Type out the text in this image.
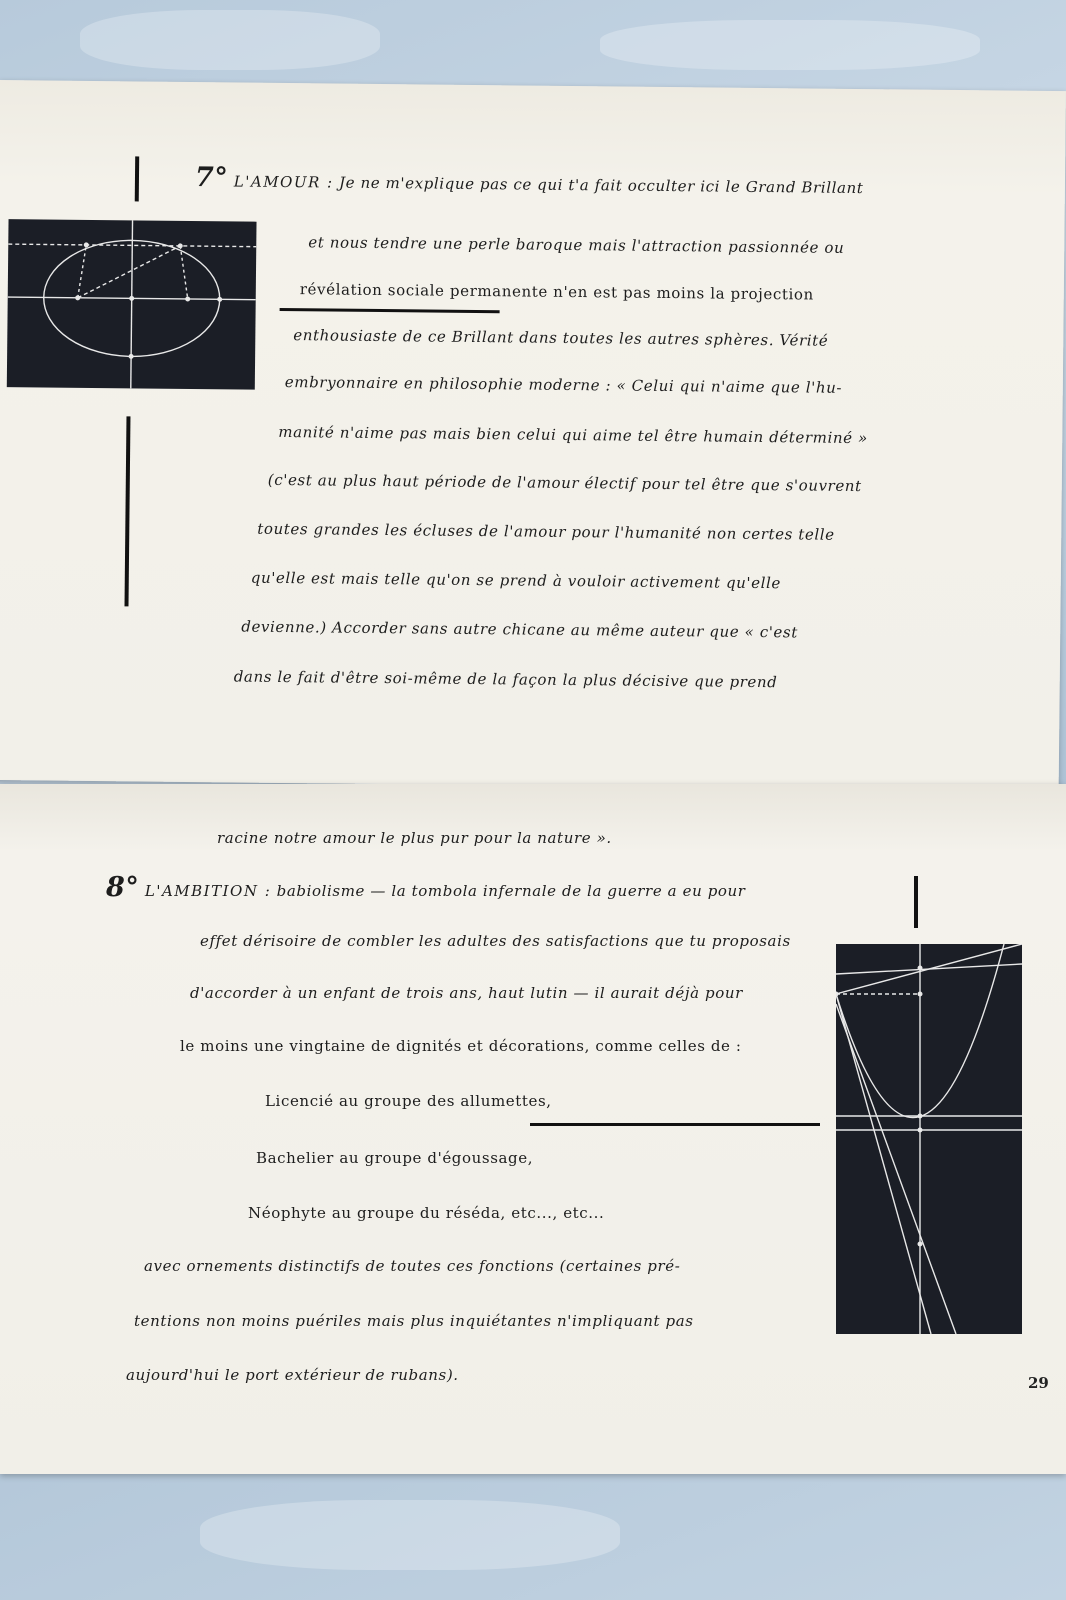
7° L'AMOUR : Je ne m'explique pas ce qui t'a fait occulter ici le Grand Brillant
et nous tendre une perle baroque mais l'attraction passionnée ou
révélation sociale permanente n'en est pas moins la projection
enthousiaste de ce Brillant dans toutes les autres sphères. Vérité
embryonnaire en philosophie moderne : « Celui qui n'aime que l'hu-
manité n'aime pas mais bien celui qui aime tel être humain déterminé »
(c'est au plus haut période de l'amour électif pour tel être que s'ouvrent
toutes grandes les écluses de l'amour pour l'humanité non certes telle
qu'elle est mais telle qu'on se prend à vouloir activement qu'elle
devienne.) Accorder sans autre chicane au même auteur que « c'est
dans le fait d'être soi-même de la façon la plus décisive que prend
racine notre amour le plus pur pour la nature ».
8° L'AMBITION : babiolisme — la tombola infernale de la guerre a eu pour
effet dérisoire de combler les adultes des satisfactions que tu proposais
d'accorder à un enfant de trois ans, haut lutin — il aurait déjà pour
le moins une vingtaine de dignités et décorations, comme celles de :
Licencié au groupe des allumettes,
Bachelier au groupe d'égoussage,
Néophyte au groupe du réséda, etc..., etc...
avec ornements distinctifs de toutes ces fonctions (certaines pré-
tentions non moins puériles mais plus inquiétantes n'impliquant pas
aujourd'hui le port extérieur de rubans).	29
